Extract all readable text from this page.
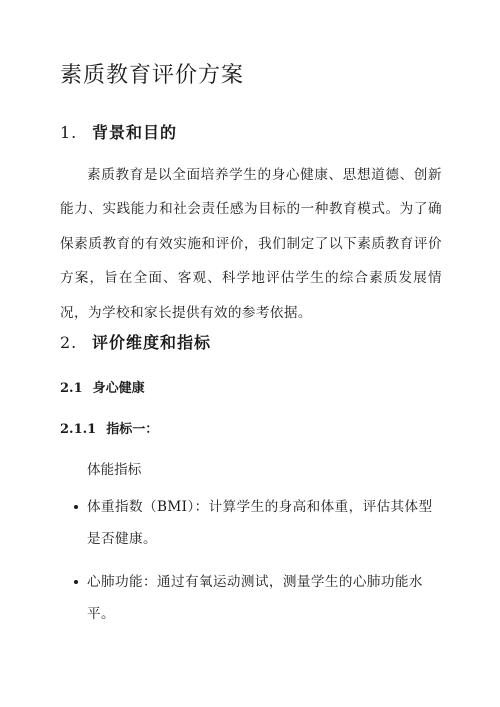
素质教育评价方案
1. 背景和目的

素质教育是以全面培养学生的身心健康、思想道德、创新能力、实践能力和社会责任感为目标的一种教育模式。为了确保素质教育的有效实施和评价，我们制定了以下素质教育评价方案，旨在全面、客观、科学地评估学生的综合素质发展情况，为学校和家长提供有效的参考依据。

2. 评价维度和指标
2.1 身心健康
2.1.1 指标一：

体能指标

体重指数（BMI）：计算学生的身高和体重，评估其体型是否健康。
心肺功能：通过有氧运动测试，测量学生的心肺功能水平。
